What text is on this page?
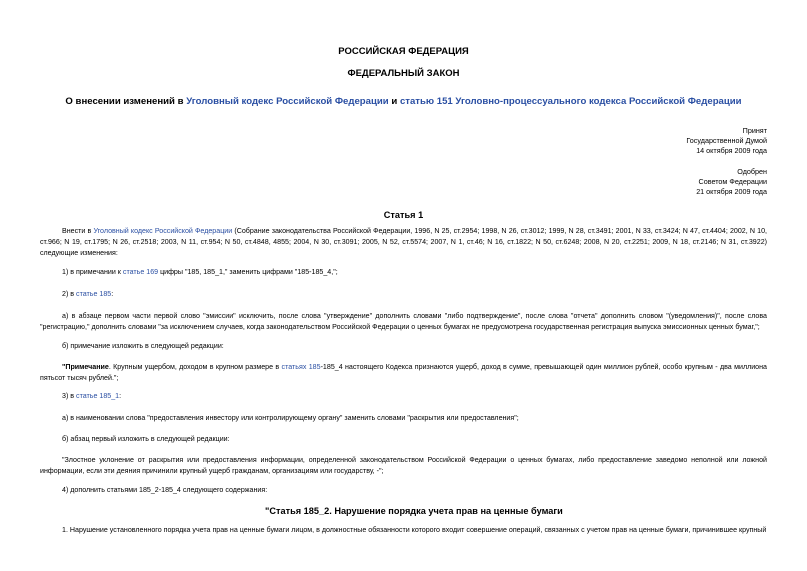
РОССИЙСКАЯ ФЕДЕРАЦИЯ
ФЕДЕРАЛЬНЫЙ ЗАКОН
О внесении изменений в Уголовный кодекс Российской Федерации и статью 151 Уголовно-процессуального кодекса Российской Федерации
Принят
Государственной Думой
14 октября 2009 года
Одобрен
Советом Федерации
21 октября 2009 года
Статья 1
Внести в Уголовный кодекс Российской Федерации (Собрание законодательства Российской Федерации, 1996, N 25, ст.2954; 1998, N 26, ст.3012; 1999, N 28, ст.3491; 2001, N 33, ст.3424; N 47, ст.4404; 2002, N 10, ст.966; N 19, ст.1795; N 26, ст.2518; 2003, N 11, ст.954; N 50, ст.4848, 4855; 2004, N 30, ст.3091; 2005, N 52, ст.5574; 2007, N 1, ст.46; N 16, ст.1822; N 50, ст.6248; 2008, N 20, ст.2251; 2009, N 18, ст.2146; N 31, ст.3922) следующие изменения:
1) в примечании к статье 169 цифры "185, 185_1," заменить цифрами "185-185_4,";
2) в статье 185:
а) в абзаце первом части первой слово "эмиссии" исключить, после слова "утверждение" дополнить словами "либо подтверждение", после слова "отчета" дополнить словом "(уведомления)", после слова "регистрацию," дополнить словами "за исключением случаев, когда законодательством Российской Федерации о ценных бумагах не предусмотрена государственная регистрация выпуска эмиссионных ценных бумаг,";
б) примечание изложить в следующей редакции:
"Примечание. Крупным ущербом, доходом в крупном размере в статьях 185-185_4 настоящего Кодекса признаются ущерб, доход в сумме, превышающей один миллион рублей, особо крупным - два миллиона пятьсот тысяч рублей.";
3) в статье 185_1:
а) в наименовании слова "предоставления инвестору или контролирующему органу" заменить словами "раскрытия или предоставления";
б) абзац первый изложить в следующей редакции:
"Злостное уклонение от раскрытия или предоставления информации, определенной законодательством Российской Федерации о ценных бумагах, либо предоставление заведомо неполной или ложной информации, если эти деяния причинили крупный ущерб гражданам, организациям или государству, -";
4) дополнить статьями 185_2-185_4 следующего содержания:
"Статья 185_2. Нарушение порядка учета прав на ценные бумаги
1. Нарушение установленного порядка учета прав на ценные бумаги лицом, в должностные обязанности которого входит совершение операций, связанных с учетом прав на ценные бумаги, причинившее крупный
